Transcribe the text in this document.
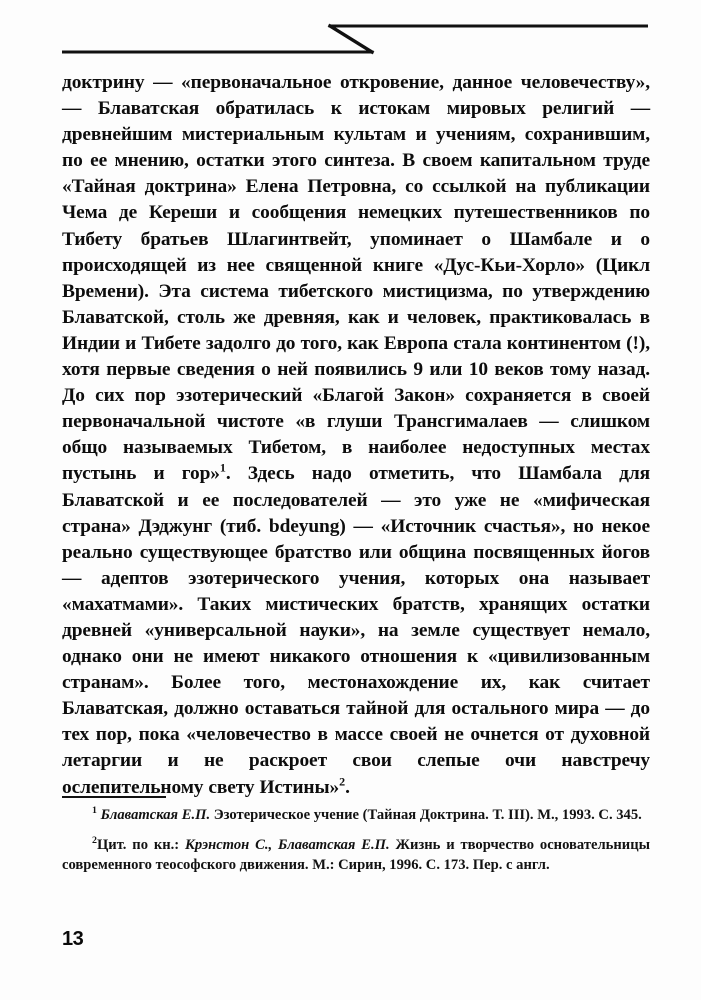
доктрину — «первоначальное откровение, данное человечеству», — Блаватская обратилась к истокам мировых религий — древнейшим мистериальным культам и учениям, сохранившим, по ее мнению, остатки этого синтеза. В своем капитальном труде «Тайная доктрина» Елена Петровна, со ссылкой на публикации Чема де Кереши и сообщения немецких путешественников по Тибету братьев Шлагинтвейт, упоминает о Шамбале и о происходящей из нее священной книге «Дус-Кьи-Хорло» (Цикл Времени). Эта система тибетского мистицизма, по утверждению Блаватской, столь же древняя, как и человек, практиковалась в Индии и Тибете задолго до того, как Европа стала континентом (!), хотя первые сведения о ней появились 9 или 10 веков тому назад. До сих пор эзотерический «Благой Закон» сохраняется в своей первоначальной чистоте «в глуши Трансгималаев — слишком общо называемых Тибетом, в наиболее недоступных местах пустынь и гор»$^1$. Здесь надо отметить, что Шамбала для Блаватской и ее последователей — это уже не «мифическая страна» Дэджунг (тиб. bdeyung) — «Источник счастья», но некое реально существующее братство или община посвященных йогов — адептов эзотерического учения, которых она называет «махатмами». Таких мистических братств, хранящих остатки древней «универсальной науки», на земле существует немало, однако они не имеют никакого отношения к «цивилизованным странам». Более того, местонахождение их, как считает Блаватская, должно оставаться тайной для остального мира — до тех пор, пока «человечество в массе своей не очнется от духовной летаргии и не раскроет свои слепые очи навстречу ослепительному свету Истины»$^2$.

$^1$ Блаватская Е.П. Эзотерическое учение (Тайная Доктрина. Т. III). М., 1993. С. 345.

$^2$Цит. по кн.: Крэнстон С., Блаватская Е.П. Жизнь и творчество основательницы современного теософского движения. М.: Сирин, 1996. С. 173. Пер. с англ.

13
